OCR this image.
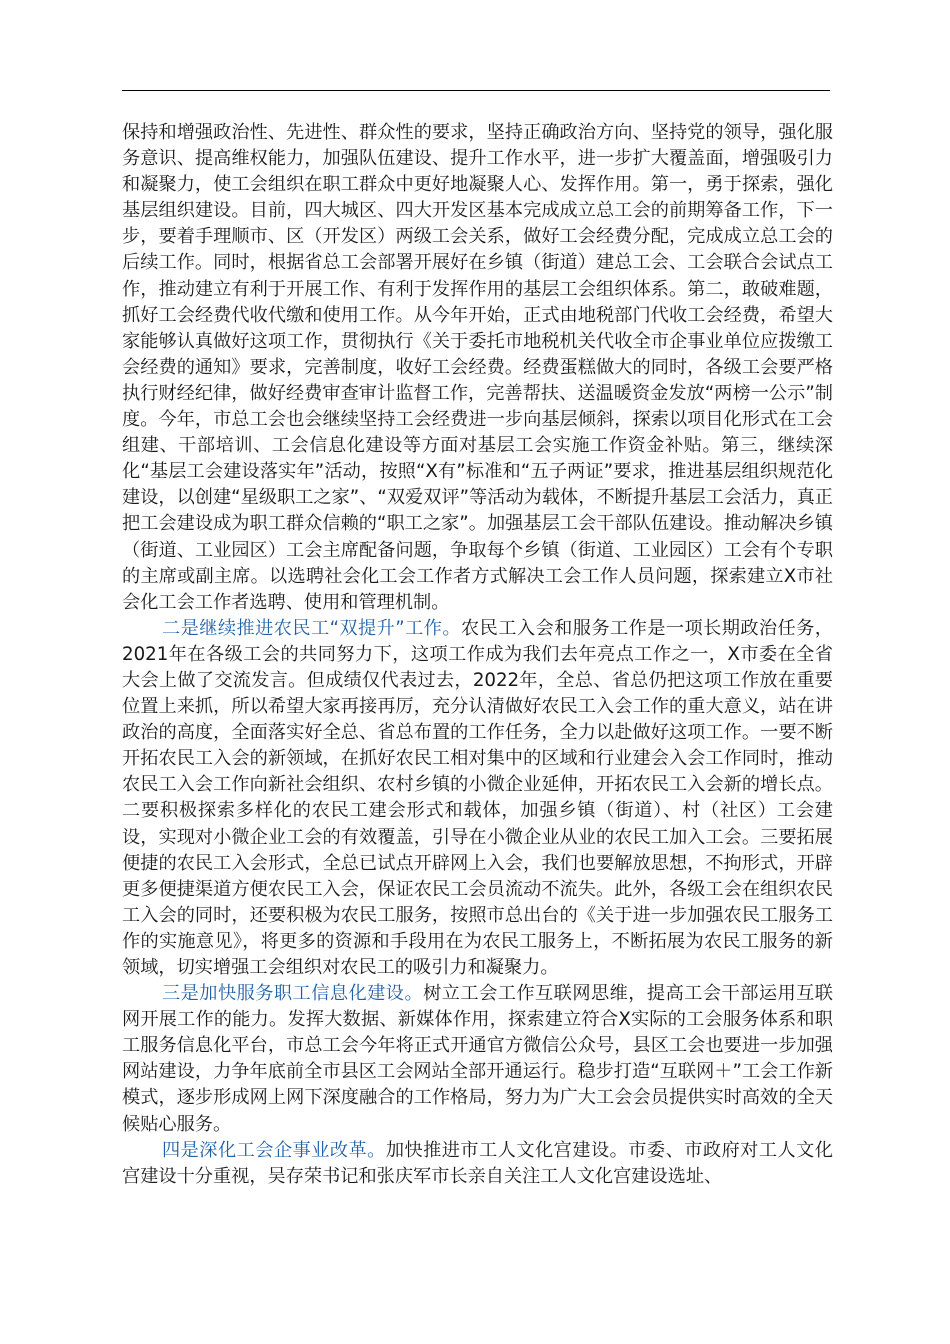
保持和增强政治性、先进性、群众性的要求，坚持正确政治方向、坚持党的领导，强化服务意识、提高维权能力，加强队伍建设、提升工作水平，进一步扩大覆盖面，增强吸引力和凝聚力，使工会组织在职工群众中更好地凝聚人心、发挥作用。第一，勇于探索，强化基层组织建设。目前，四大城区、四大开发区基本完成成立总工会的前期筹备工作，下一步，要着手理顺市、区（开发区）两级工会关系，做好工会经费分配，完成成立总工会的后续工作。同时，根据省总工会部署开展好在乡镇（街道）建总工会、工会联合会试点工作，推动建立有利于开展工作、有利于发挥作用的基层工会组织体系。第二，敢破难题，抓好工会经费代收代缴和使用工作。从今年开始，正式由地税部门代收工会经费，希望大家能够认真做好这项工作，贯彻执行《关于委托市地税机关代收全市企事业单位应拨缴工会经费的通知》要求，完善制度，收好工会经费。经费蛋糕做大的同时，各级工会要严格执行财经纪律，做好经费审查审计监督工作，完善帮扶、送温暖资金发放“两榜一公示”制度。今年，市总工会也会继续坚持工会经费进一步向基层倾斜，探索以项目化形式在工会组建、干部培训、工会信息化建设等方面对基层工会实施工作资金补贴。第三，继续深化“基层工会建设落实年”活动，按照“X有”标准和“五子两证”要求，推进基层组织规范化建设，以创建“星级职工之家”、“双爱双评”等活动为载体，不断提升基层工会活力，真正把工会建设成为职工群众信赖的“职工之家”。加强基层工会干部队伍建设。推动解决乡镇（街道、工业园区）工会主席配备问题，争取每个乡镇（街道、工业园区）工会有个专职的主席或副主席。以选聘社会化工会工作者方式解决工会工作人员问题，探索建立X市社会化工会工作者选聘、使用和管理机制。

二是继续推进农民工“双提升”工作。农民工入会和服务工作是一项长期政治任务，2021年在各级工会的共同努力下，这项工作成为我们去年亮点工作之一，X市委在全省大会上做了交流发言。但成绩仅代表过去，2022年，全总、省总仍把这项工作放在重要位置上来抓，所以希望大家再接再厉，充分认清做好农民工入会工作的重大意义，站在讲政治的高度，全面落实好全总、省总布置的工作任务，全力以赴做好这项工作。一要不断开拓农民工入会的新领域，在抓好农民工相对集中的区域和行业建会入会工作同时，推动农民工入会工作向新社会组织、农村乡镇的小微企业延伸，开拓农民工入会新的增长点。二要积极探索多样化的农民工建会形式和载体，加强乡镇（街道）、村（社区）工会建设，实现对小微企业工会的有效覆盖，引导在小微企业从业的农民工加入工会。三要拓展便捷的农民工入会形式，全总已试点开辟网上入会，我们也要解放思想，不拘形式，开辟更多便捷渠道方便农民工入会，保证农民工会员流动不流失。此外，各级工会在组织农民工入会的同时，还要积极为农民工服务，按照市总出台的《关于进一步加强农民工服务工作的实施意见》，将更多的资源和手段用在为农民工服务上，不断拓展为农民工服务的新领域，切实增强工会组织对农民工的吸引力和凝聚力。

三是加快服务职工信息化建设。树立工会工作互联网思维，提高工会干部运用互联网开展工作的能力。发挥大数据、新媒体作用，探索建立符合X实际的工会服务体系和职工服务信息化平台，市总工会今年将正式开通官方微信公众号，县区工会也要进一步加强网站建设，力争年底前全市县区工会网站全部开通运行。稳步打造“互联网＋”工会工作新模式，逐步形成网上网下深度融合的工作格局，努力为广大工会会员提供实时高效的全天候贴心服务。

四是深化工会企事业改革。加快推进市工人文化宫建设。市委、市政府对工人文化宫建设十分重视，吴存荣书记和张庆军市长亲自关注工人文化宫建设选址、
